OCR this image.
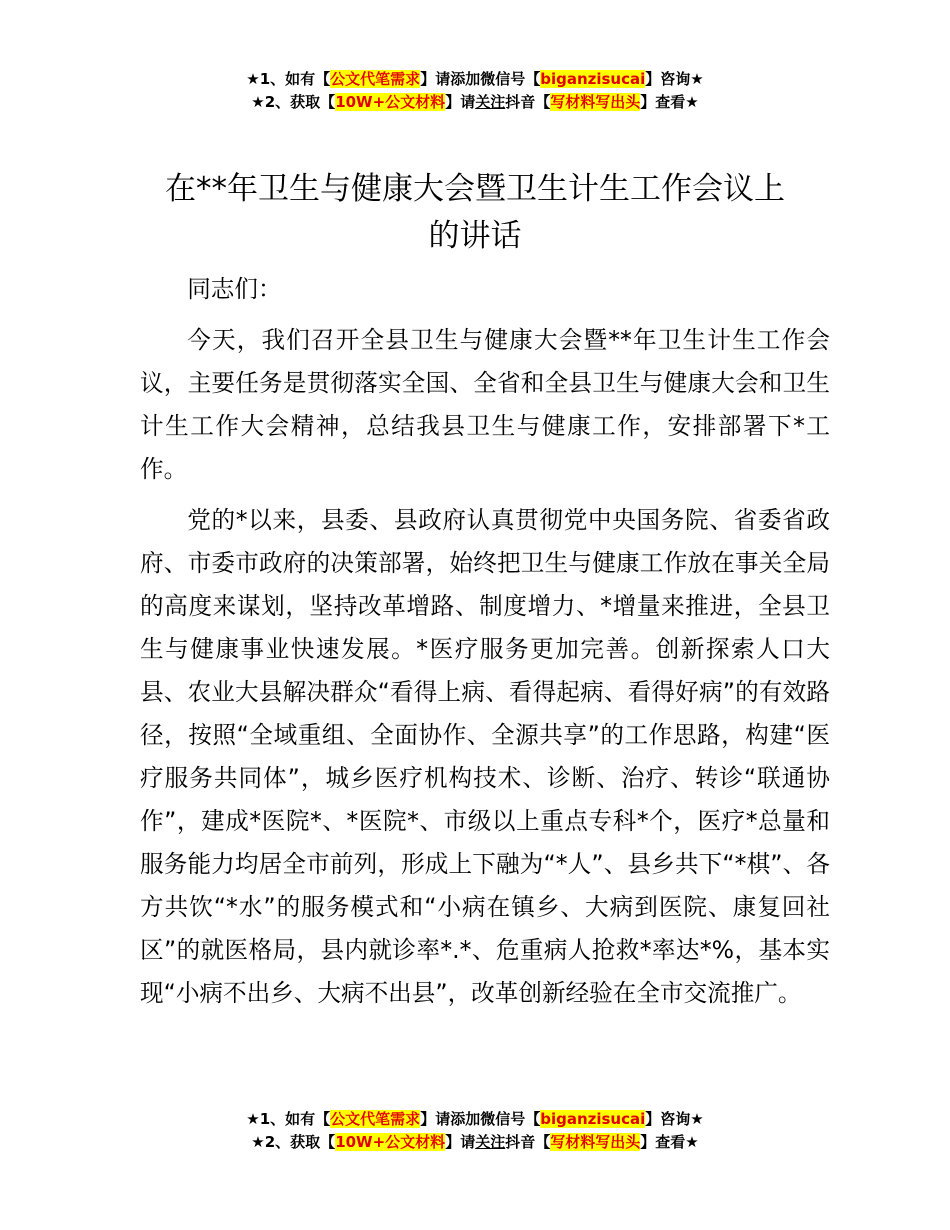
★1、如有【公文代笔需求】请添加微信号【biganzisucai】咨询★
★2、获取【10W+公文材料】请关注抖音【写材料写出头】查看★
在**年卫生与健康大会暨卫生计生工作会议上
的讲话
同志们：

今天，我们召开全县卫生与健康大会暨**年卫生计生工作会议，主要任务是贯彻落实全国、全省和全县卫生与健康大会和卫生计生工作大会精神，总结我县卫生与健康工作，安排部署下*工作。

党的*以来，县委、县政府认真贯彻党中央国务院、省委省政府、市委市政府的决策部署，始终把卫生与健康工作放在事关全局的高度来谋划，坚持改革增路、制度增力、*增量来推进，全县卫生与健康事业快速发展。*医疗服务更加完善。创新探索人口大县、农业大县解决群众“看得上病、看得起病、看得好病”的有效路径，按照“全域重组、全面协作、全源共享”的工作思路，构建“医疗服务共同体”，城乡医疗机构技术、诊断、治疗、转诊“联通协作”，建成*医院*、*医院*、市级以上重点专科*个，医疗*总量和服务能力均居全市前列，形成上下融为“*人”、县乡共下“*棋”、各方共饮“*水”的服务模式和“小病在镇乡、大病到医院、康复回社区”的就医格局，县内就诊率*.*、危重病人抢救*率达*%，基本实现“小病不出乡、大病不出县”，改革创新经验在全市交流推广。

★1、如有【公文代笔需求】请添加微信号【biganzisucai】咨询★
★2、获取【10W+公文材料】请关注抖音【写材料写出头】查看★
